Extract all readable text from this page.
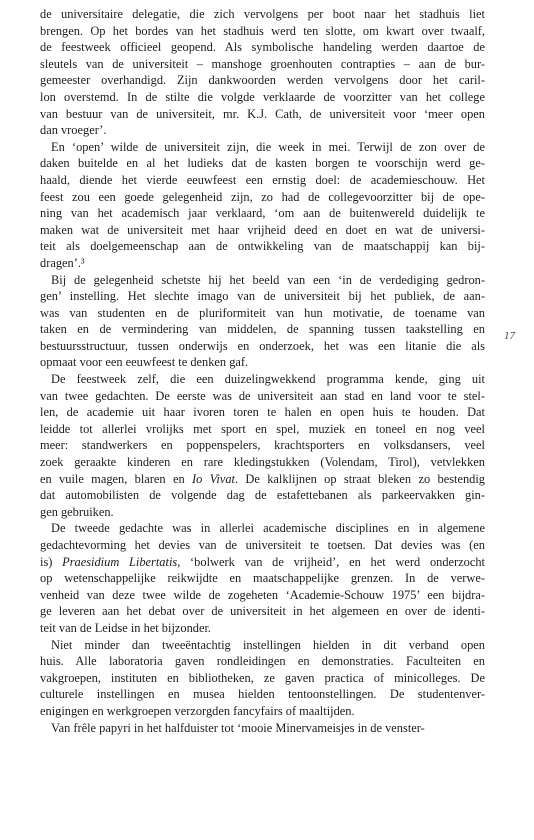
de universitaire delegatie, die zich vervolgens per boot naar het stadhuis liet
brengen. Op het bordes van het stadhuis werd ten slotte, om kwart over twaalf,
de feestweek officieel geopend. Als symbolische handeling werden daartoe de
sleutels van de universiteit – manshoge groenhouten contrapties – aan de bur-
gemeester overhandigd. Zijn dankwoorden werden vervolgens door het caril-
lon overstemd. In de stilte die volgde verklaarde de voorzitter van het college
van bestuur van de universiteit, mr. K.J. Cath, de universiteit voor ‘meer open
dan vroeger’.
En ‘open’ wilde de universiteit zijn, die week in mei. Terwijl de zon over de
daken buitelde en al het ludieks dat de kasten borgen te voorschijn werd ge-
haald, diende het vierde eeuwfeest een ernstig doel: de academieschouw. Het
feest zou een goede gelegenheid zijn, zo had de collegevoorzitter bij de ope-
ning van het academisch jaar verklaard, ‘om aan de buitenwereld duidelijk te
maken wat de universiteit met haar vrijheid deed en doet en wat de universi-
teit als doelgemeenschap aan de ontwikkeling van de maatschappij kan bij-
dragen’.³
Bij de gelegenheid schetste hij het beeld van een ‘in de verdediging gedron-
gen’ instelling. Het slechte imago van de universiteit bij het publiek, de aan-
was van studenten en de pluriformiteit van hun motivatie, de toename van
taken en de vermindering van middelen, de spanning tussen taakstelling en
bestuursstructuur, tussen onderwijs en onderzoek, het was een litanie die als
opmaat voor een eeuwfeest te denken gaf.
De feestweek zelf, die een duizelingwekkend programma kende, ging uit
van twee gedachten. De eerste was de universiteit aan stad en land voor te stel-
len, de academie uit haar ivoren toren te halen en open huis te houden. Dat
leidde tot allerlei vrolijks met sport en spel, muziek en toneel en nog veel
meer: standwerkers en poppenspelers, krachtsporters en volksdansers, veel
zoek geraakte kinderen en rare kledingstukken (Volendam, Tirol), vetvlekken
en vuile magen, blaren en Io Vivat. De kalklijnen op straat bleken zo bestendig
dat automobilisten de volgende dag de estafettebanen als parkeervakken gin-
gen gebruiken.
De tweede gedachte was in allerlei academische disciplines en in algemene
gedachtevorming het devies van de universiteit te toetsen. Dat devies was (en
is) Praesidium Libertatis, ‘bolwerk van de vrijheid’, en het werd onderzocht
op wetenschappelijke reikwijdte en maatschappelijke grenzen. In de verwe-
venheid van deze twee wilde de zogeheten ‘Academie-Schouw 1975’ een bijdra-
ge leveren aan het debat over de universiteit in het algemeen en over de identi-
teit van de Leidse in het bijzonder.
Niet minder dan tweeëntachtig instellingen hielden in dit verband open
huis. Alle laboratoria gaven rondleidingen en demonstraties. Faculteiten en
vakgroepen, instituten en bibliotheken, ze gaven practica of minicolleges. De
culturele instellingen en musea hielden tentoonstellingen. De studentenver-
enigingen en werkgroepen verzorgden fancyfairs of maaltijden.
Van frêle papyri in het halfduister tot ‘mooie Minervameisjes in de venster-
17
